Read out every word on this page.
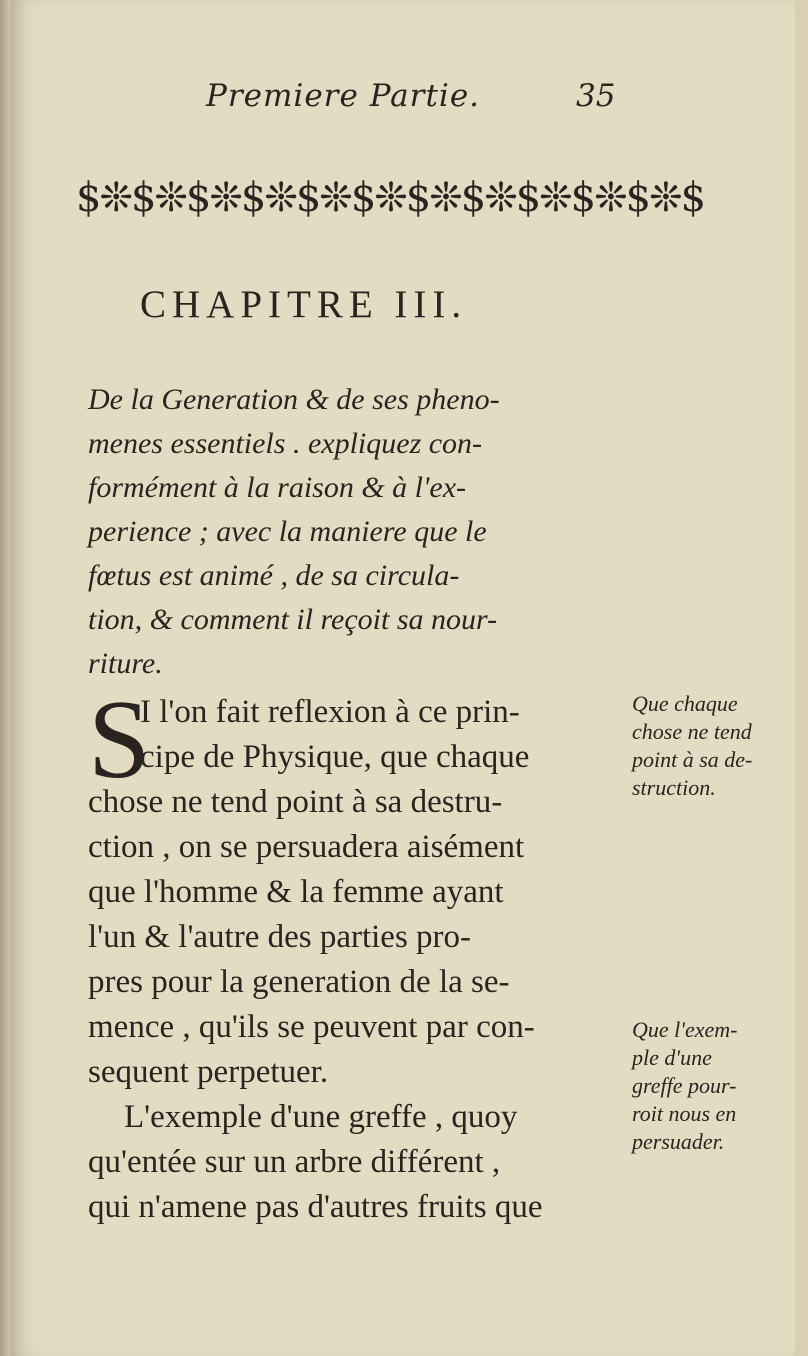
Premiere Partie.	35
$❊$❊$❊$❊$❊$❊$❊$❊$❊$❊$❊$
CHAPITRE III.
De la Generation & de ses pheno-
menes essentiels . expliquez con-
formément à la raison & à l'ex-
perience ; avec la maniere que le
fœtus est animé , de sa circula-
tion, & comment il reçoit sa nour-
riture.
S
I l'on fait reflexion à ce prin-
cipe de Physique, que chaque
chose ne tend point à sa destru-
ction , on se persuadera aisément
que l'homme & la femme ayant
l'un & l'autre des parties pro-
pres pour la generation de la se-
mence , qu'ils se peuvent par con-
sequent perpetuer.
L'exemple d'une greffe , quoy
qu'entée sur un arbre différent ,
qui n'amene pas d'autres fruits que
Que chaque
chose ne tend
point à sa de-
struction.
Que l'exem-
ple d'une
greffe pour-
roit nous en
persuader.
